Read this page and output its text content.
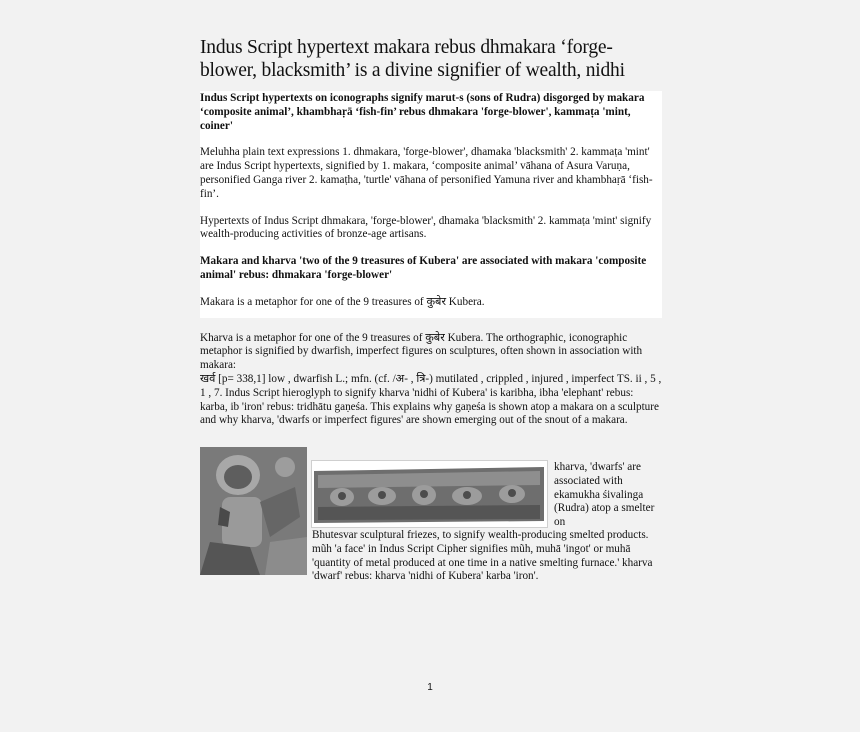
Indus Script hypertext makara rebus dhmakara ‘forge-blower, blacksmith’ is a divine signifier of wealth, nidhi

Indus Script hypertexts on iconographs signify marut-s (sons of Rudra) disgorged by makara ‘composite animal’, khambhaṛā ‘fish-fin’ rebus dhmakara 'forge-blower', kammaṭa 'mint, coiner'

Meluhha plain text expressions 1. dhmakara, 'forge-blower', dhamaka 'blacksmith' 2. kammaṭa 'mint' are Indus Script hypertexts, signified by 1. makara, ‘composite animal’ vāhana of Asura Varuṇa, personified Ganga river 2. kamaṭha, 'turtle' vāhana of personified Yamuna river and khambhaṛā ‘fish-fin’.

Hypertexts of Indus Script dhmakara, 'forge-blower', dhamaka 'blacksmith' 2. kammaṭa 'mint' signify wealth-producing activities of bronze-age artisans.

Makara and kharva 'two of the 9 treasures of Kubera' are associated with makara 'composite animal' rebus: dhmakara 'forge-blower'

Makara is a metaphor for one of the 9 treasures of कुबेर Kubera.

Kharva is a metaphor for one of the 9 treasures of कुबेर Kubera. The orthographic, iconographic metaphor is signified by dwarfish, imperfect figures on sculptures, often shown in association with makara:

खर्व [p= 338,1] low , dwarfish L.; mfn. (cf. /अ- , त्रि-) mutilated , crippled , injured , imperfect TS. ii , 5 , 1 , 7. Indus Script hieroglyph to signify kharva 'nidhi of Kubera' is karibha, ibha 'elephant' rebus: karba, ib 'iron' rebus: tridhātu gaṇeśa. This explains why gaṇeśa is shown atop a makara on a sculpture and why kharva, 'dwarfs or imperfect figures' are shown emerging out of the snout of a makara.

kharva, 'dwarfs' are associated with ekamukha śivalinga (Rudra) atop a smelter on

Bhutesvar sculptural friezes, to signify wealth-producing smelted products. mũh 'a face' in Indus Script Cipher signifies mũh, muhā 'ingot' or muhā 'quantity of metal produced at one time in a native smelting furnace.' kharva 'dwarf' rebus: kharva 'nidhi of Kubera' karba 'iron'.

1
